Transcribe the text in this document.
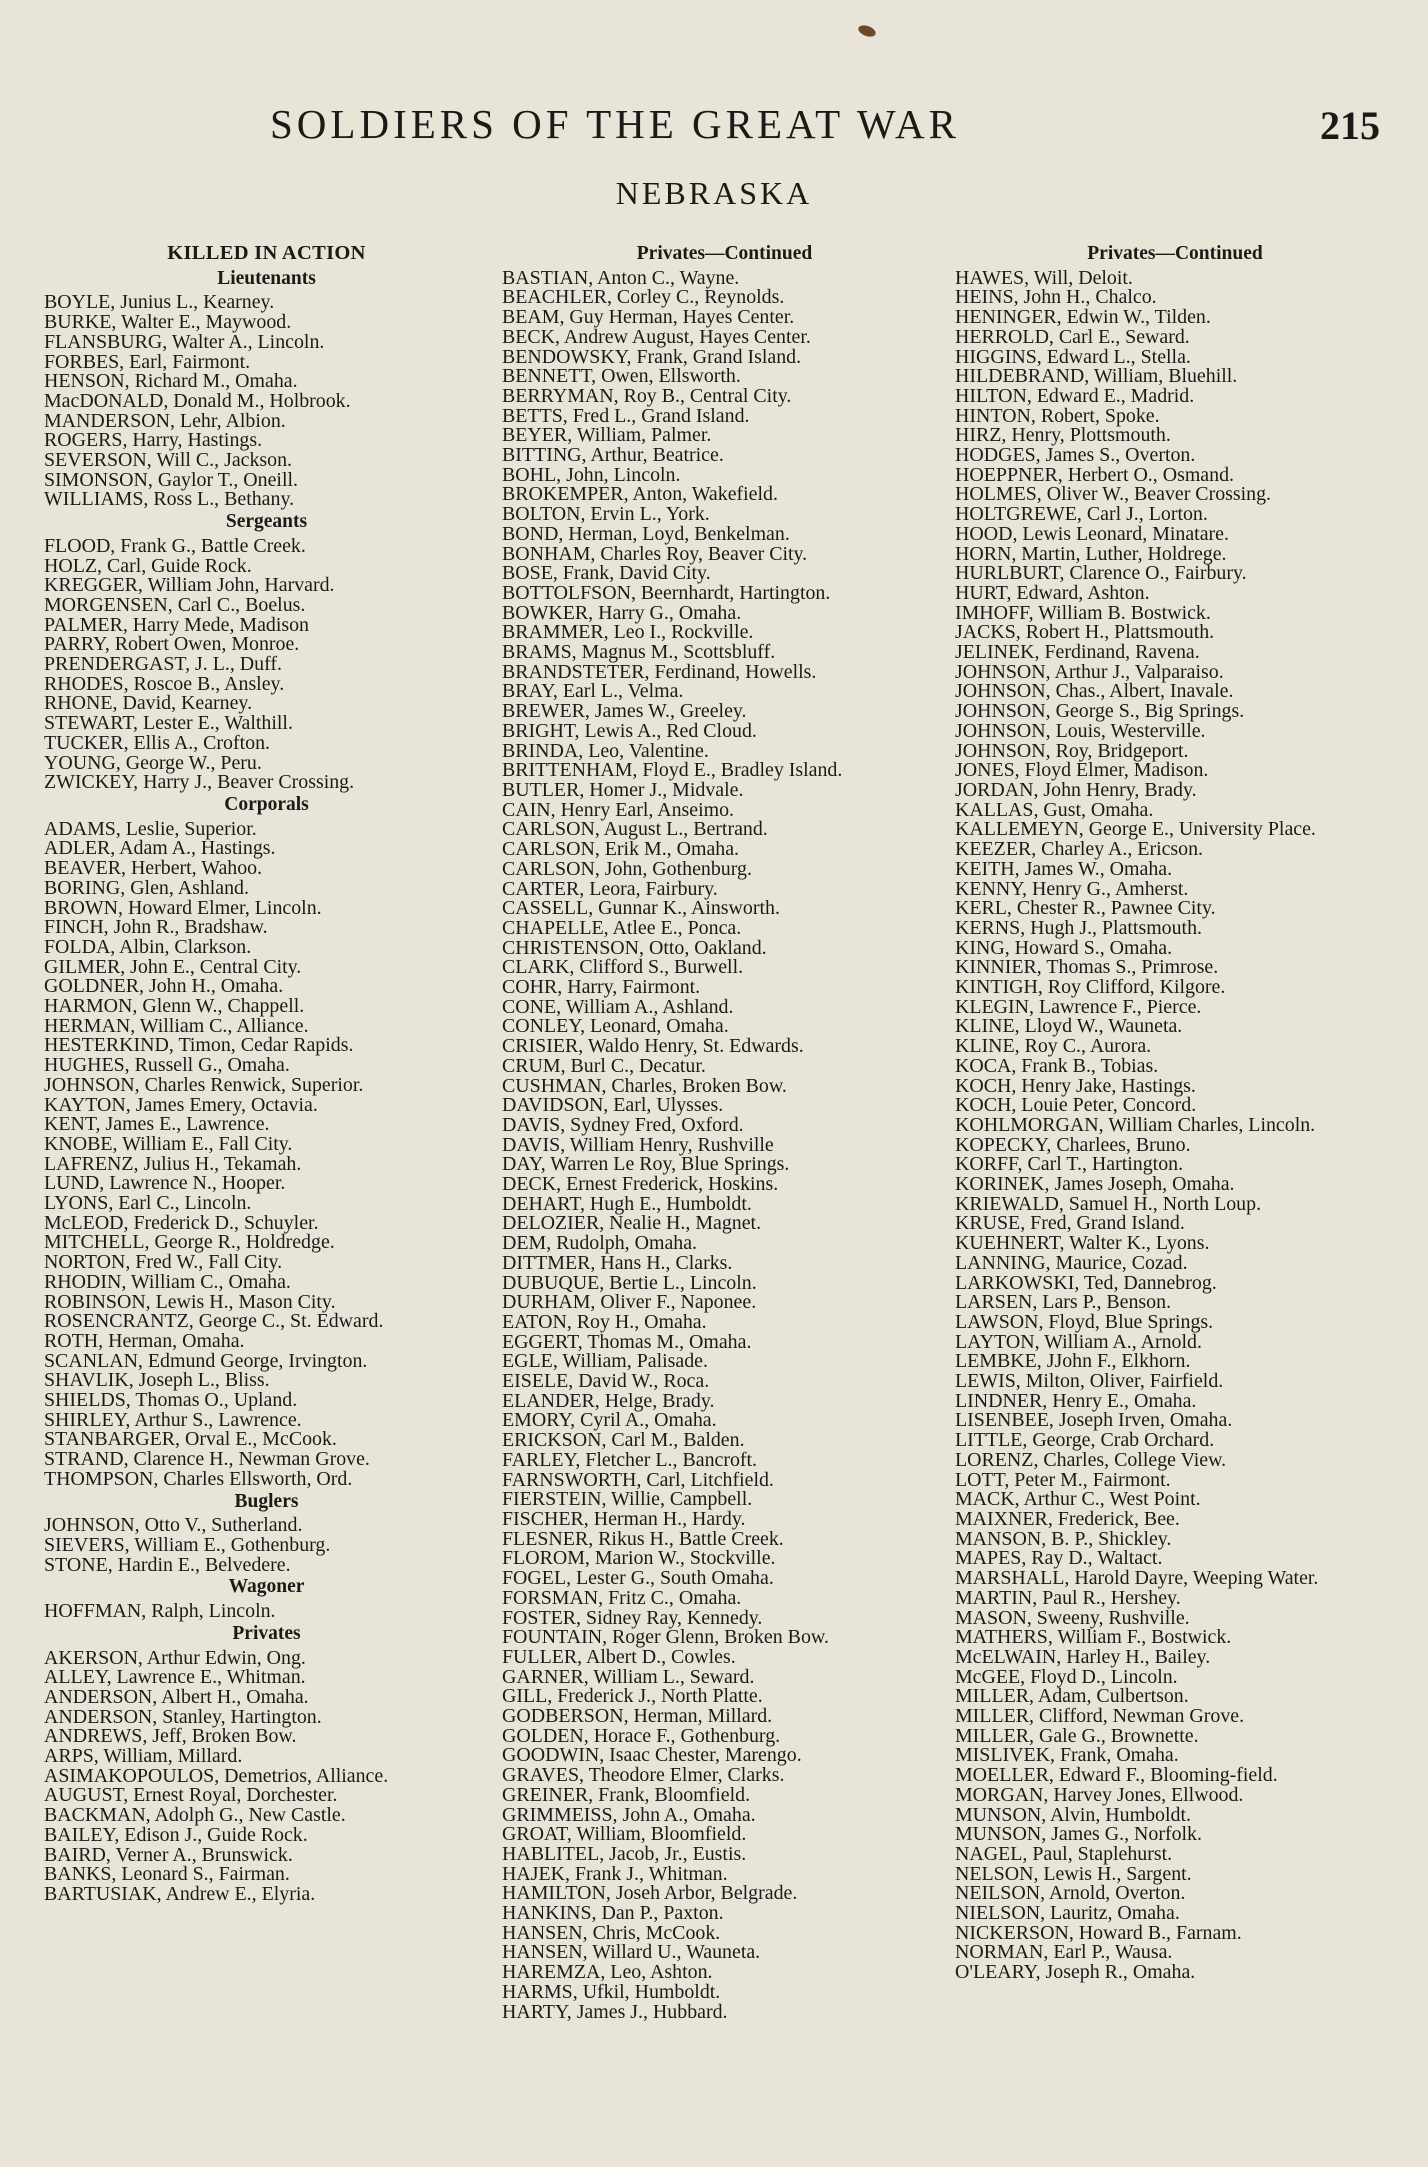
SOLDIERS OF THE GREAT WAR	215
NEBRASKA
KILLED IN ACTION
Lieutenants
BOYLE, Junius L., Kearney.
BURKE, Walter E., Maywood.
FLANSBURG, Walter A., Lincoln.
FORBES, Earl, Fairmont.
HENSON, Richard M., Omaha.
MacDONALD, Donald M., Holbrook.
MANDERSON, Lehr, Albion.
ROGERS, Harry, Hastings.
SEVERSON, Will C., Jackson.
SIMONSON, Gaylor T., Oneill.
WILLIAMS, Ross L., Bethany.
Sergeants
FLOOD, Frank G., Battle Creek.
HOLZ, Carl, Guide Rock.
KREGGER, William John, Harvard.
MORGENSEN, Carl C., Boelus.
PALMER, Harry Mede, Madison
PARRY, Robert Owen, Monroe.
PRENDERGAST, J. L., Duff.
RHODES, Roscoe B., Ansley.
RHONE, David, Kearney.
STEWART, Lester E., Walthill.
TUCKER, Ellis A., Crofton.
YOUNG, George W., Peru.
ZWICKEY, Harry J., Beaver Crossing.
Corporals
ADAMS, Leslie, Superior.
ADLER, Adam A., Hastings.
BEAVER, Herbert, Wahoo.
BORING, Glen, Ashland.
BROWN, Howard Elmer, Lincoln.
FINCH, John R., Bradshaw.
FOLDA, Albin, Clarkson.
GILMER, John E., Central City.
GOLDNER, John H., Omaha.
HARMON, Glenn W., Chappell.
HERMAN, William C., Alliance.
HESTERKIND, Timon, Cedar Rapids.
HUGHES, Russell G., Omaha.
JOHNSON, Charles Renwick, Superior.
KAYTON, James Emery, Octavia.
KENT, James E., Lawrence.
KNOBE, William E., Fall City.
LAFRENZ, Julius H., Tekamah.
LUND, Lawrence N., Hooper.
LYONS, Earl C., Lincoln.
McLEOD, Frederick D., Schuyler.
MITCHELL, George R., Holdredge.
NORTON, Fred W., Fall City.
RHODIN, William C., Omaha.
ROBINSON, Lewis H., Mason City.
ROSENCRANTZ, George C., St. Edward.
ROTH, Herman, Omaha.
SCANLAN, Edmund George, Irvington.
SHAVLIK, Joseph L., Bliss.
SHIELDS, Thomas O., Upland.
SHIRLEY, Arthur S., Lawrence.
STANBARGER, Orval E., McCook.
STRAND, Clarence H., Newman Grove.
THOMPSON, Charles Ellsworth, Ord.
Buglers
JOHNSON, Otto V., Sutherland.
SIEVERS, William E., Gothenburg.
STONE, Hardin E., Belvedere.
Wagoner
HOFFMAN, Ralph, Lincoln.
Privates
AKERSON, Arthur Edwin, Ong.
ALLEY, Lawrence E., Whitman.
ANDERSON, Albert H., Omaha.
ANDERSON, Stanley, Hartington.
ANDREWS, Jeff, Broken Bow.
ARPS, William, Millard.
ASIMAKOPOULOS, Demetrios, Alliance.
AUGUST, Ernest Royal, Dorchester.
BACKMAN, Adolph G., New Castle.
BAILEY, Edison J., Guide Rock.
BAIRD, Verner A., Brunswick.
BANKS, Leonard S., Fairman.
BARTUSIAK, Andrew E., Elyria.
Privates—Continued
BASTIAN, Anton C., Wayne.
BEACHLER, Corley C., Reynolds.
BEAM, Guy Herman, Hayes Center.
BECK, Andrew August, Hayes Center.
BENDOWSKY, Frank, Grand Island.
BENNETT, Owen, Ellsworth.
BERRYMAN, Roy B., Central City.
BETTS, Fred L., Grand Island.
BEYER, William, Palmer.
BITTING, Arthur, Beatrice.
BOHL, John, Lincoln.
BROKEMPER, Anton, Wakefield.
BOLTON, Ervin L., York.
BOND, Herman, Loyd, Benkelman.
BONHAM, Charles Roy, Beaver City.
BOSE, Frank, David City.
BOTTOLFSON, Beernhardt, Hartington.
BOWKER, Harry G., Omaha.
BRAMMER, Leo I., Rockville.
BRAMS, Magnus M., Scottsbluff.
BRANDSTETER, Ferdinand, Howells.
BRAY, Earl L., Velma.
BREWER, James W., Greeley.
BRIGHT, Lewis A., Red Cloud.
BRINDA, Leo, Valentine.
BRITTENHAM, Floyd E., Bradley Island.
BUTLER, Homer J., Midvale.
CAIN, Henry Earl, Anseimo.
CARLSON, August L., Bertrand.
CARLSON, Erik M., Omaha.
CARLSON, John, Gothenburg.
CARTER, Leora, Fairbury.
CASSELL, Gunnar K., Ainsworth.
CHAPELLE, Atlee E., Ponca.
CHRISTENSON, Otto, Oakland.
CLARK, Clifford S., Burwell.
COHR, Harry, Fairmont.
CONE, William A., Ashland.
CONLEY, Leonard, Omaha.
CRISIER, Waldo Henry, St. Edwards.
CRUM, Burl C., Decatur.
CUSHMAN, Charles, Broken Bow.
DAVIDSON, Earl, Ulysses.
DAVIS, Sydney Fred, Oxford.
DAVIS, William Henry, Rushville
DAY, Warren Le Roy, Blue Springs.
DECK, Ernest Frederick, Hoskins.
DEHART, Hugh E., Humboldt.
DELOZIER, Nealie H., Magnet.
DEM, Rudolph, Omaha.
DITTMER, Hans H., Clarks.
DUBUQUE, Bertie L., Lincoln.
DURHAM, Oliver F., Naponee.
EATON, Roy H., Omaha.
EGGERT, Thomas M., Omaha.
EGLE, William, Palisade.
EISELE, David W., Roca.
ELANDER, Helge, Brady.
EMORY, Cyril A., Omaha.
ERICKSON, Carl M., Balden.
FARLEY, Fletcher L., Bancroft.
FARNSWORTH, Carl, Litchfield.
FIERSTEIN, Willie, Campbell.
FISCHER, Herman H., Hardy.
FLESNER, Rikus H., Battle Creek.
FLOROM, Marion W., Stockville.
FOGEL, Lester G., South Omaha.
FORSMAN, Fritz C., Omaha.
FOSTER, Sidney Ray, Kennedy.
FOUNTAIN, Roger Glenn, Broken Bow.
FULLER, Albert D., Cowles.
GARNER, William L., Seward.
GILL, Frederick J., North Platte.
GODBERSON, Herman, Millard.
GOLDEN, Horace F., Gothenburg.
GOODWIN, Isaac Chester, Marengo.
GRAVES, Theodore Elmer, Clarks.
GREINER, Frank, Bloomfield.
GRIMMEISS, John A., Omaha.
GROAT, William, Bloomfield.
HABLITEL, Jacob, Jr., Eustis.
HAJEK, Frank J., Whitman.
HAMILTON, Joseh Arbor, Belgrade.
HANKINS, Dan P., Paxton.
HANSEN, Chris, McCook.
HANSEN, Willard U., Wauneta.
HAREMZA, Leo, Ashton.
HARMS, Ufkil, Humboldt.
HARTY, James J., Hubbard.
Privates—Continued
HAWES, Will, Deloit.
HEINS, John H., Chalco.
HENINGER, Edwin W., Tilden.
HERROLD, Carl E., Seward.
HIGGINS, Edward L., Stella.
HILDEBRAND, William, Bluehill.
HILTON, Edward E., Madrid.
HINTON, Robert, Spoke.
HIRZ, Henry, Plottsmouth.
HODGES, James S., Overton.
HOEPPNER, Herbert O., Osmand.
HOLMES, Oliver W., Beaver Crossing.
HOLTGREWE, Carl J., Lorton.
HOOD, Lewis Leonard, Minatare.
HORN, Martin, Luther, Holdrege.
HURLBURT, Clarence O., Fairbury.
HURT, Edward, Ashton.
IMHOFF, William B. Bostwick.
JACKS, Robert H., Plattsmouth.
JELINEK, Ferdinand, Ravena.
JOHNSON, Arthur J., Valparaiso.
JOHNSON, Chas., Albert, Inavale.
JOHNSON, George S., Big Springs.
JOHNSON, Louis, Westerville.
JOHNSON, Roy, Bridgeport.
JONES, Floyd Elmer, Madison.
JORDAN, John Henry, Brady.
KALLAS, Gust, Omaha.
KALLEMEYN, George E., University Place.
KEEZER, Charley A., Ericson.
KEITH, James W., Omaha.
KENNY, Henry G., Amherst.
KERL, Chester R., Pawnee City.
KERNS, Hugh J., Plattsmouth.
KING, Howard S., Omaha.
KINNIER, Thomas S., Primrose.
KINTIGH, Roy Clifford, Kilgore.
KLEGIN, Lawrence F., Pierce.
KLINE, Lloyd W., Wauneta.
KLINE, Roy C., Aurora.
KOCA, Frank B., Tobias.
KOCH, Henry Jake, Hastings.
KOCH, Louie Peter, Concord.
KOHLMORGAN, William Charles, Lincoln.
KOPECKY, Charlees, Bruno.
KORFF, Carl T., Hartington.
KORINEK, James Joseph, Omaha.
KRIEWALD, Samuel H., North Loup.
KRUSE, Fred, Grand Island.
KUEHNERT, Walter K., Lyons.
LANNING, Maurice, Cozad.
LARKOWSKI, Ted, Dannebrog.
LARSEN, Lars P., Benson.
LAWSON, Floyd, Blue Springs.
LAYTON, William A., Arnold.
LEMBKE, JJohn F., Elkhorn.
LEWIS, Milton, Oliver, Fairfield.
LINDNER, Henry E., Omaha.
LISENBEE, Joseph Irven, Omaha.
LITTLE, George, Crab Orchard.
LORENZ, Charles, College View.
LOTT, Peter M., Fairmont.
MACK, Arthur C., West Point.
MAIXNER, Frederick, Bee.
MANSON, B. P., Shickley.
MAPES, Ray D., Waltact.
MARSHALL, Harold Dayre, Weeping Water.
MARTIN, Paul R., Hershey.
MASON, Sweeny, Rushville.
MATHERS, William F., Bostwick.
McELWAIN, Harley H., Bailey.
McGEE, Floyd D., Lincoln.
MILLER, Adam, Culbertson.
MILLER, Clifford, Newman Grove.
MILLER, Gale G., Brownette.
MISLIVEK, Frank, Omaha.
MOELLER, Edward F., Blooming-field.
MORGAN, Harvey Jones, Ellwood.
MUNSON, Alvin, Humboldt.
MUNSON, James G., Norfolk.
NAGEL, Paul, Staplehurst.
NELSON, Lewis H., Sargent.
NEILSON, Arnold, Overton.
NIELSON, Lauritz, Omaha.
NICKERSON, Howard B., Farnam.
NORMAN, Earl P., Wausa.
O'LEARY, Joseph R., Omaha.
